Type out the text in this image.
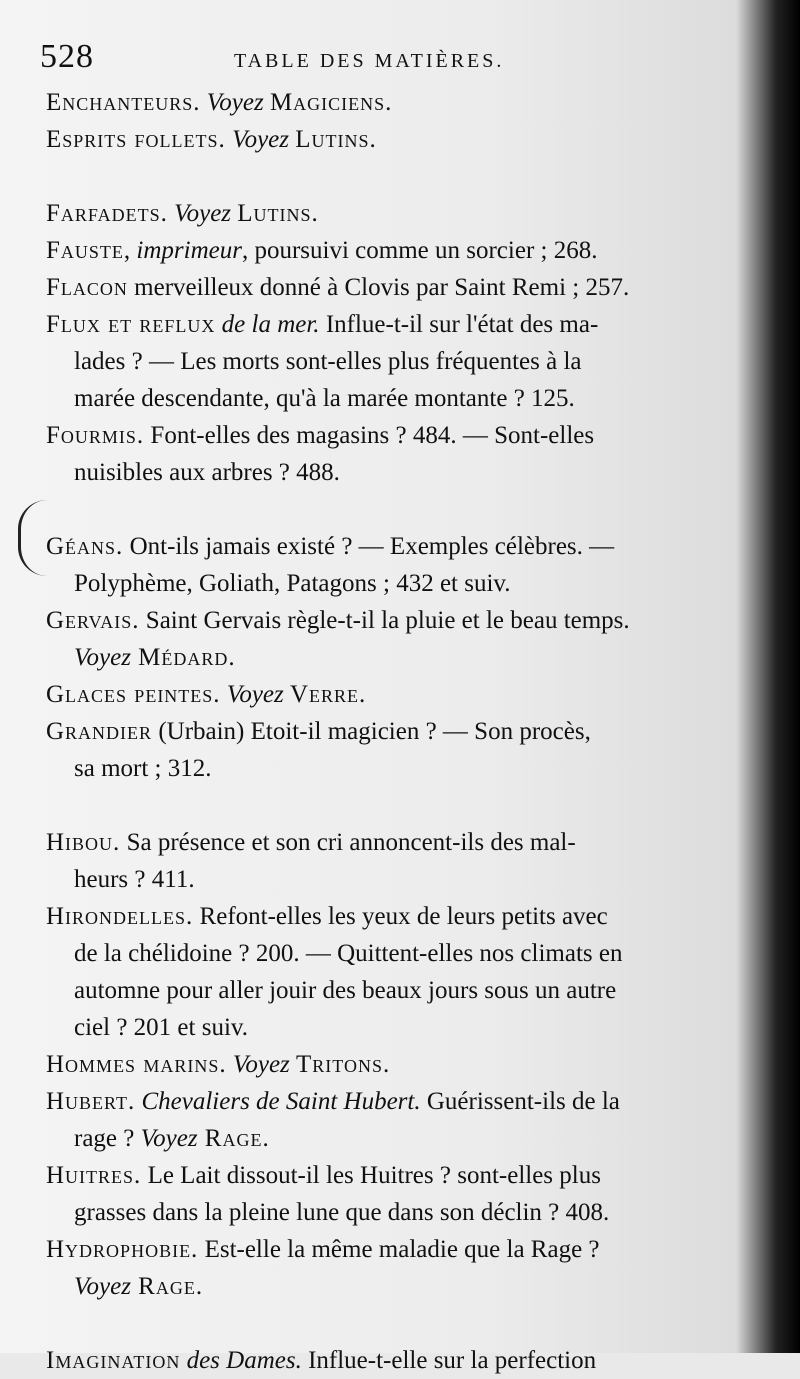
528	TABLE DES MATIÈRES.
Enchanteurs. Voyez Magiciens.
Esprits follets. Voyez Lutins.
Farfadets. Voyez Lutins.
Fauste, imprimeur, poursuivi comme un sorcier ; 268.
Flacon merveilleux donné à Clovis par Saint Remi ; 257.
Flux et reflux de la mer. Influe-t-il sur l'état des ma-
lades ? — Les morts sont-elles plus fréquentes à la
marée descendante, qu'à la marée montante ? 125.
Fourmis. Font-elles des magasins ? 484. — Sont-elles
nuisibles aux arbres ? 488.
Géans. Ont-ils jamais existé ? — Exemples célèbres. —
Polyphème, Goliath, Patagons ; 432 et suiv.
Gervais. Saint Gervais règle-t-il la pluie et le beau temps.
Voyez Médard.
Glaces peintes. Voyez Verre.
Grandier (Urbain) Etoit-il magicien ? — Son procès,
sa mort ; 312.
Hibou. Sa présence et son cri annoncent-ils des mal-
heurs ? 411.
Hirondelles. Refont-elles les yeux de leurs petits avec
de la chélidoine ? 200. — Quittent-elles nos climats en
automne pour aller jouir des beaux jours sous un autre
ciel ? 201 et suiv.
Hommes marins. Voyez Tritons.
Hubert. Chevaliers de Saint Hubert. Guérissent-ils de la
rage ? Voyez Rage.
Huitres. Le Lait dissout-il les Huitres ? sont-elles plus
grasses dans la pleine lune que dans son déclin ? 408.
Hydrophobie. Est-elle la même maladie que la Rage ?
Voyez Rage.
Imagination des Dames. Influe-t-elle sur la perfection
